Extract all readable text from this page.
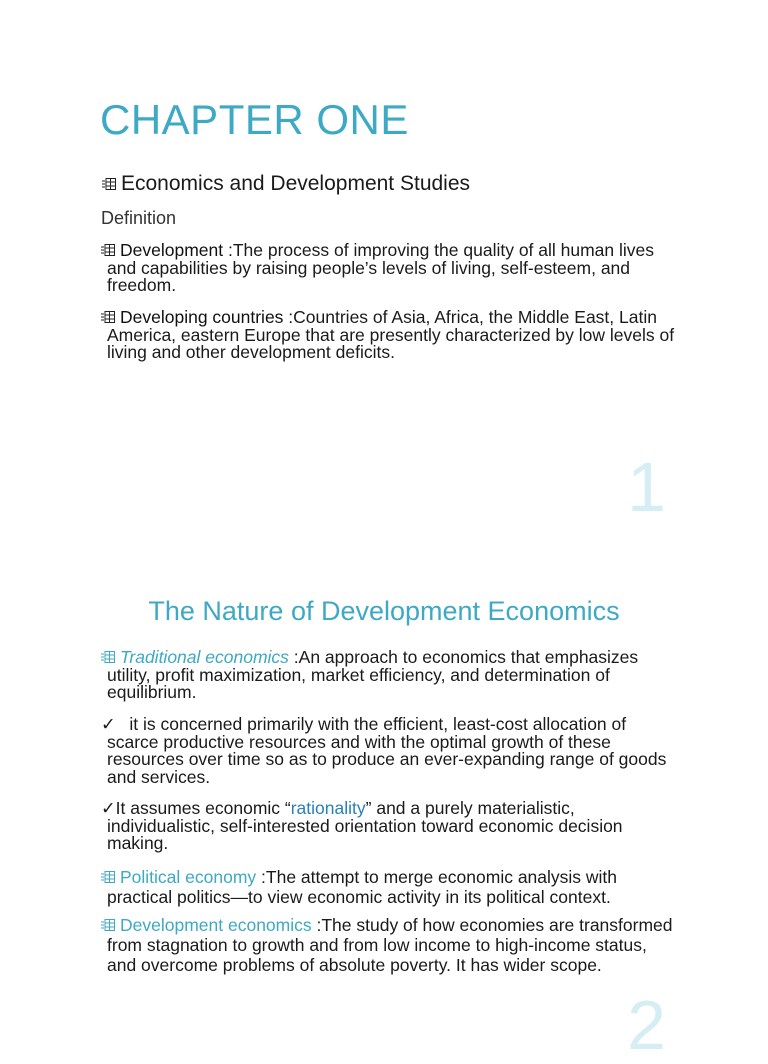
CHAPTER ONE
Economics and Development Studies
Definition
Development :The process of improving the quality of all human lives and capabilities by raising people’s levels of living, self-esteem, and freedom.
Developing countries :Countries of Asia, Africa, the Middle East, Latin America, eastern Europe that are presently characterized by low levels of living and other development deficits.
1
The Nature of Development Economics
Traditional economics :An approach to economics that emphasizes utility, profit maximization, market efficiency, and determination of equilibrium.
✓ it is concerned primarily with the efficient, least-cost allocation of scarce productive resources and with the optimal growth of these resources over time so as to produce an ever-expanding range of goods and services.
✓It assumes economic “rationality” and a purely materialistic, individualistic, self-interested orientation toward economic decision making.
Political economy :The attempt to merge economic analysis with practical politics—to view economic activity in its political context.
Development economics :The study of how economies are transformed from stagnation to growth and from low income to high-income status, and overcome problems of absolute poverty. It has wider scope.
2
